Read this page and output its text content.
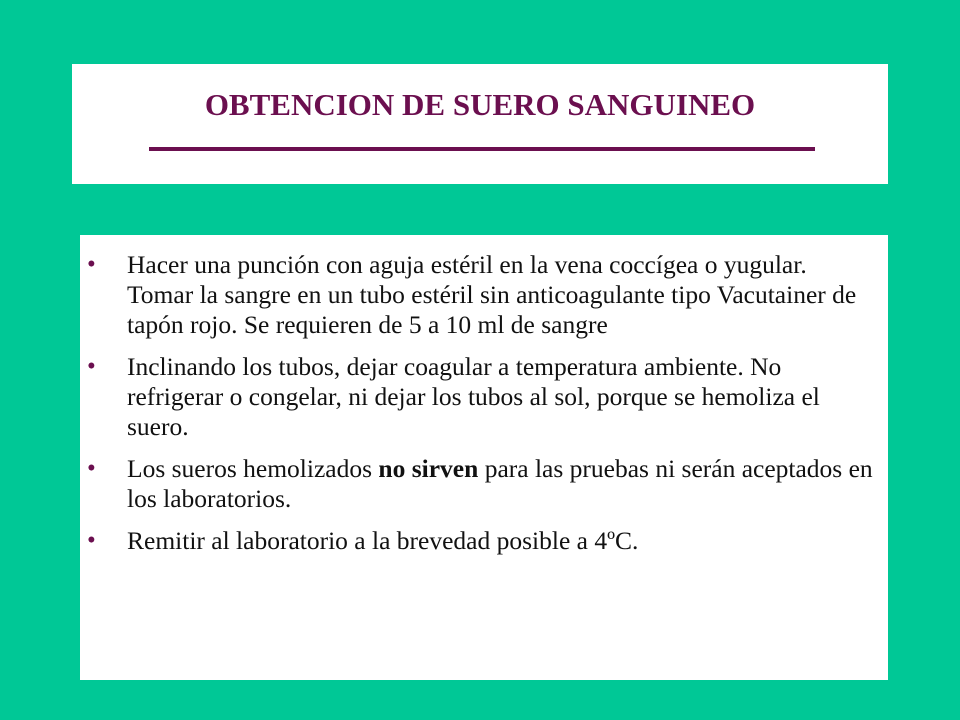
OBTENCION DE SUERO SANGUINEO
• Hacer una punción con aguja estéril en la vena coccígea o yugular. Tomar la sangre en un tubo estéril sin anticoagulante tipo Vacutainer de tapón rojo. Se requieren de 5 a 10 ml de sangre
• Inclinando los tubos, dejar coagular a temperatura ambiente. No refrigerar o congelar, ni dejar los tubos al sol, porque se hemoliza el suero.
• Los sueros hemolizados no sirven para las pruebas ni serán aceptados en los laboratorios.
• Remitir al laboratorio a la brevedad posible a 4ºC.
